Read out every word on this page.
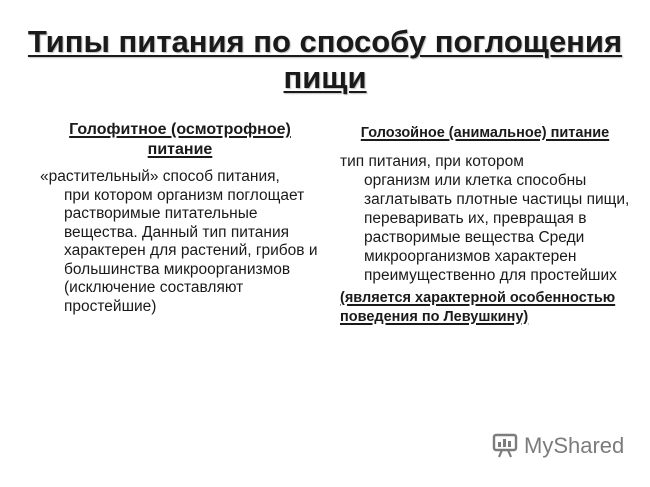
Типы питания по способу поглощения пищи
Голофитное (осмотрофное) питание

«растительный» способ питания,
при котором организм поглощает растворимые питательные вещества. Данный тип питания характерен для растений, грибов и большинства микроорганизмов (исключение составляют простейшие)

Голозойное (анимальное) питание

тип питания, при котором
организм или клетка способны заглатывать плотные частицы пищи, переваривать их, превращая в растворимые вещества Среди микроорганизмов характерен преимущественно для простейших

(является характерной особенностью поведения по Левушкину)
MyShared
